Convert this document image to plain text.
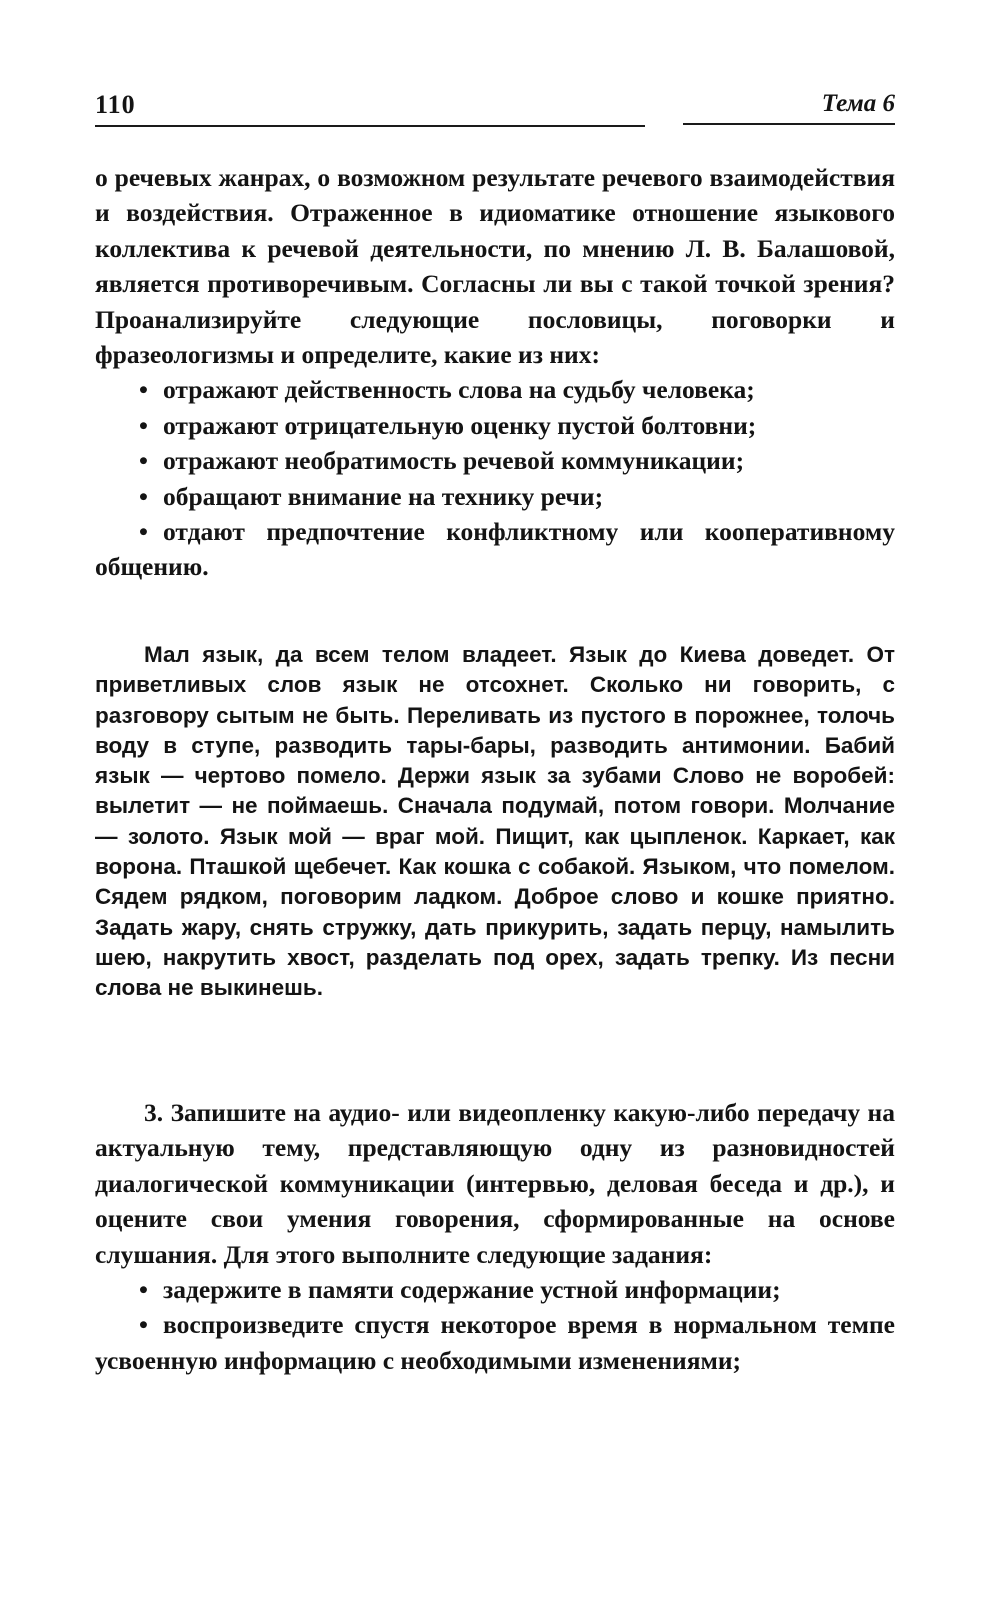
110	Тема 6

о речевых жанрах, о возможном результате речевого взаимодействия и воздействия. Отраженное в идиоматике отношение языкового коллектива к речевой деятельности, по мнению Л. В. Балашовой, является противоречивым. Согласны ли вы с такой точкой зрения? Проанализируйте следующие пословицы, поговорки и фразеологизмы и определите, какие из них:

• отражают действенность слова на судьбу человека;
• отражают отрицательную оценку пустой болтовни;
• отражают необратимость речевой коммуникации;
• обращают внимание на технику речи;
• отдают предпочтение конфликтному или кооперативному общению.

Мал язык, да всем телом владеет. Язык до Киева доведет. От приветливых слов язык не отсохнет. Сколько ни говорить, с разговору сытым не быть. Переливать из пустого в порожнее, толочь воду в ступе, разводить тары-бары, разводить антимонии. Бабий язык — чертово помело. Держи язык за зубами Слово не воробей: вылетит — не поймаешь. Сначала подумай, потом говори. Молчание — золото. Язык мой — враг мой. Пищит, как цыпленок. Каркает, как ворона. Пташкой щебечет. Как кошка с собакой. Языком, что помелом. Сядем рядком, поговорим ладком. Доброе слово и кошке приятно. Задать жару, снять стружку, дать прикурить, задать перцу, намылить шею, накрутить хвост, разделать под орех, задать трепку. Из песни слова не выкинешь.

3. Запишите на аудио- или видеопленку какую-либо передачу на актуальную тему, представляющую одну из разновидностей диалогической коммуникации (интервью, деловая беседа и др.), и оцените свои умения говорения, сформированные на основе слушания. Для этого выполните следующие задания:

• задержите в памяти содержание устной информации;
• воспроизведите спустя некоторое время в нормальном темпе усвоенную информацию с необходимыми изменениями;
